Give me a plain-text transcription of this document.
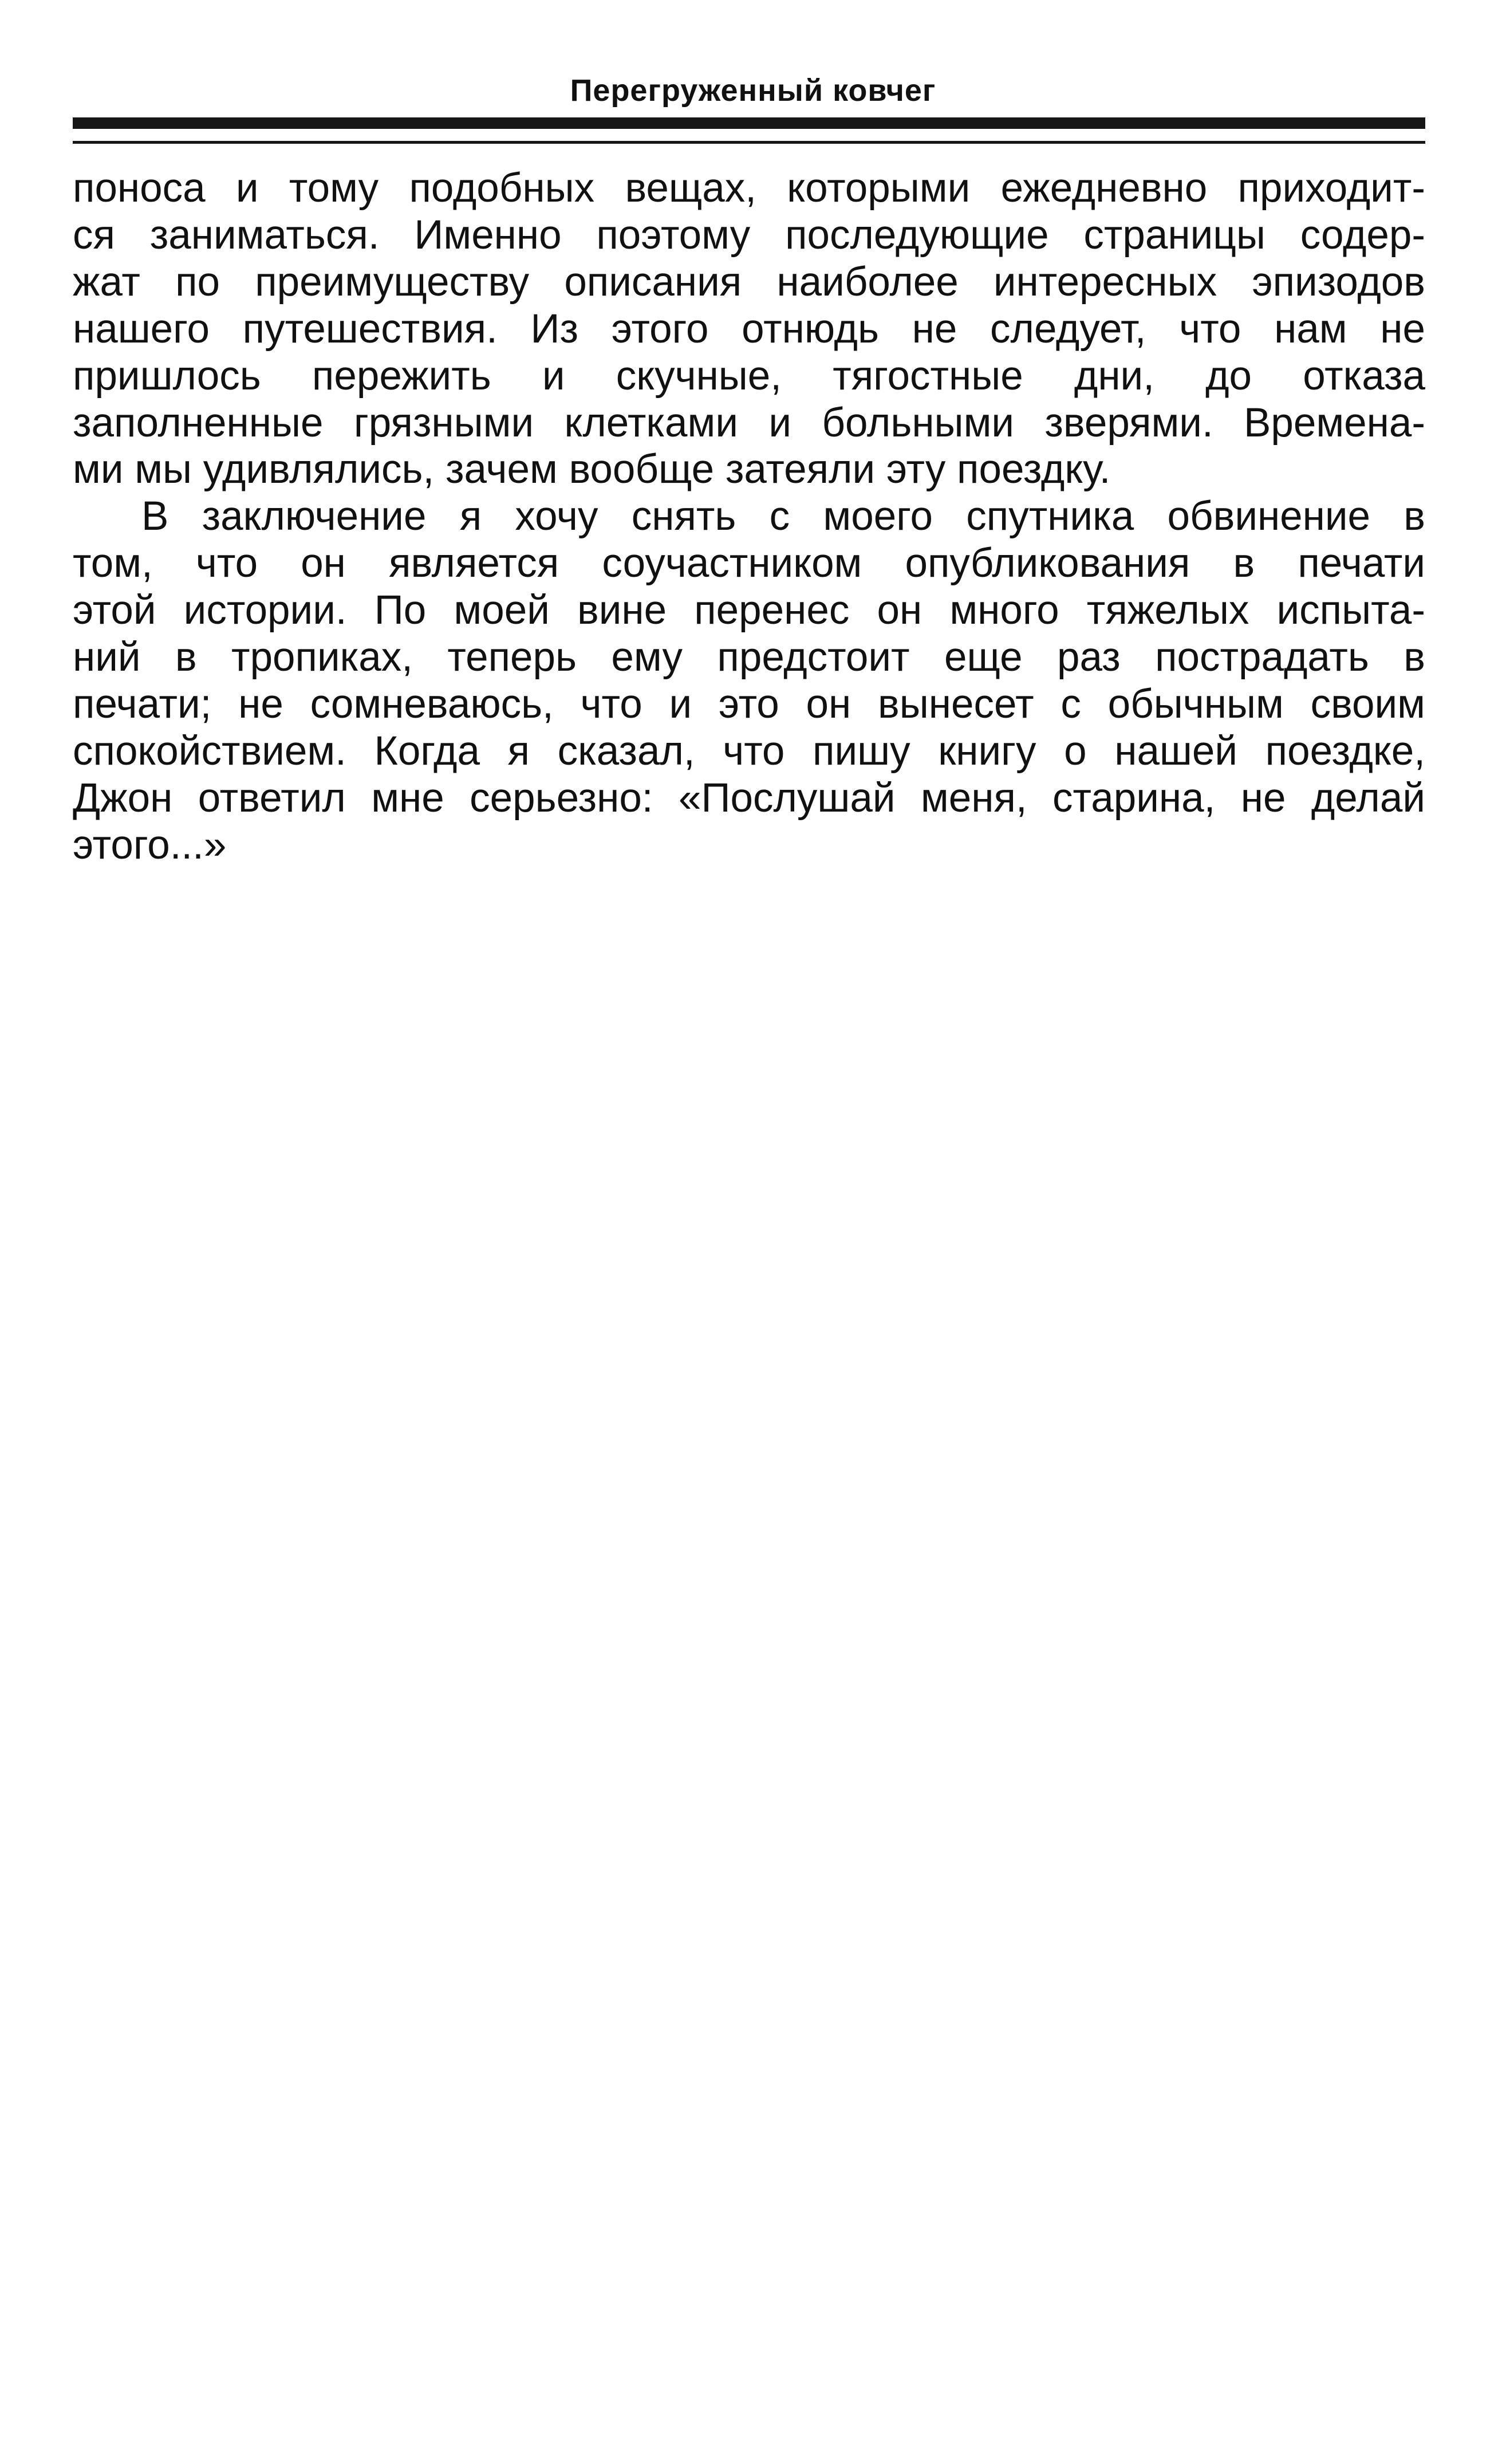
Перегруженный ковчег

поноса и тому подобных вещах, которыми ежедневно приходит-
ся заниматься. Именно поэтому последующие страницы содер-
жат по преимуществу описания наиболее интересных эпизодов
нашего путешествия. Из этого отнюдь не следует, что нам не
пришлось пережить и скучные, тягостные дни, до отказа
заполненные грязными клетками и больными зверями. Времена-
ми мы удивлялись, зачем вообще затеяли эту поездку.

В заключение я хочу снять с моего спутника обвинение в
том, что он является соучастником опубликования в печати
этой истории. По моей вине перенес он много тяжелых испыта-
ний в тропиках, теперь ему предстоит еще раз пострадать в
печати; не сомневаюсь, что и это он вынесет с обычным своим
спокойствием. Когда я сказал, что пишу книгу о нашей поездке,
Джон ответил мне серьезно: «Послушай меня, старина, не делай
этого...»
